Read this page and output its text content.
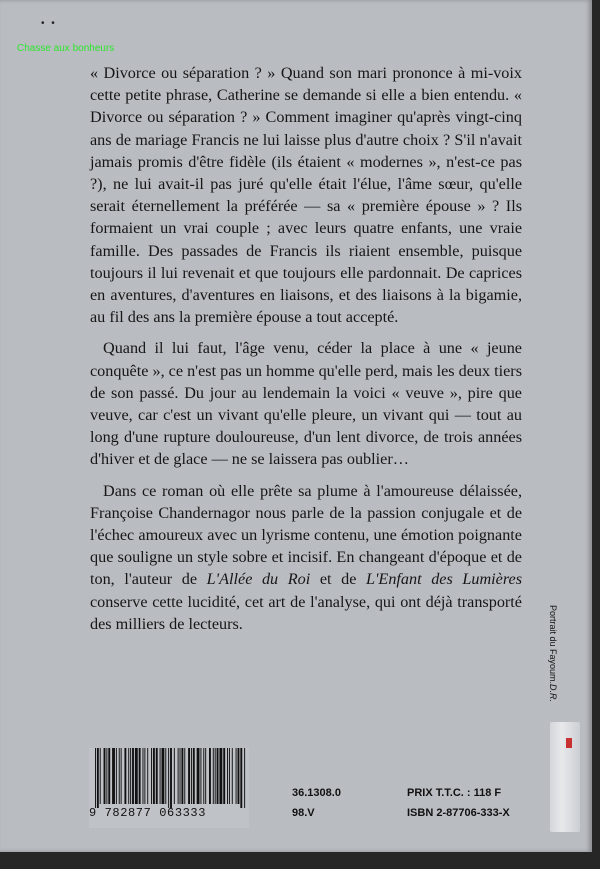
• •
Chasse aux bonheurs

« Divorce ou séparation ? » Quand son mari prononce à mi-voix cette petite phrase, Catherine se demande si elle a bien entendu. « Divorce ou séparation ? » Comment imaginer qu'après vingt-cinq ans de mariage Francis ne lui laisse plus d'autre choix ? S'il n'avait jamais promis d'être fidèle (ils étaient « modernes », n'est-ce pas ?), ne lui avait-il pas juré qu'elle était l'élue, l'âme sœur, qu'elle serait éternellement la préférée — sa « première épouse » ? Ils formaient un vrai couple ; avec leurs quatre enfants, une vraie famille. Des passades de Francis ils riaient ensemble, puisque toujours il lui revenait et que toujours elle pardonnait. De caprices en aventures, d'aventures en liaisons, et des liaisons à la bigamie, au fil des ans la première épouse a tout accepté.

Quand il lui faut, l'âge venu, céder la place à une « jeune conquête », ce n'est pas un homme qu'elle perd, mais les deux tiers de son passé. Du jour au lendemain la voici « veuve », pire que veuve, car c'est un vivant qu'elle pleure, un vivant qui — tout au long d'une rupture douloureuse, d'un lent divorce, de trois années d'hiver et de glace — ne se laissera pas oublier…

Dans ce roman où elle prête sa plume à l'amoureuse délaissée, Françoise Chandernagor nous parle de la passion conjugale et de l'échec amoureux avec un lyrisme contenu, une émotion poignante que souligne un style sobre et incisif. En changeant d'époque et de ton, l'auteur de L'Allée du Roi et de L'Enfant des Lumières conserve cette lucidité, cet art de l'analyse, qui ont déjà transporté des milliers de lecteurs.	Portrait du Fayoum.D.R.
9 782877 063333
36.1308.0
98.V
PRIX T.T.C. : 118 F
ISBN 2-87706-333-X
